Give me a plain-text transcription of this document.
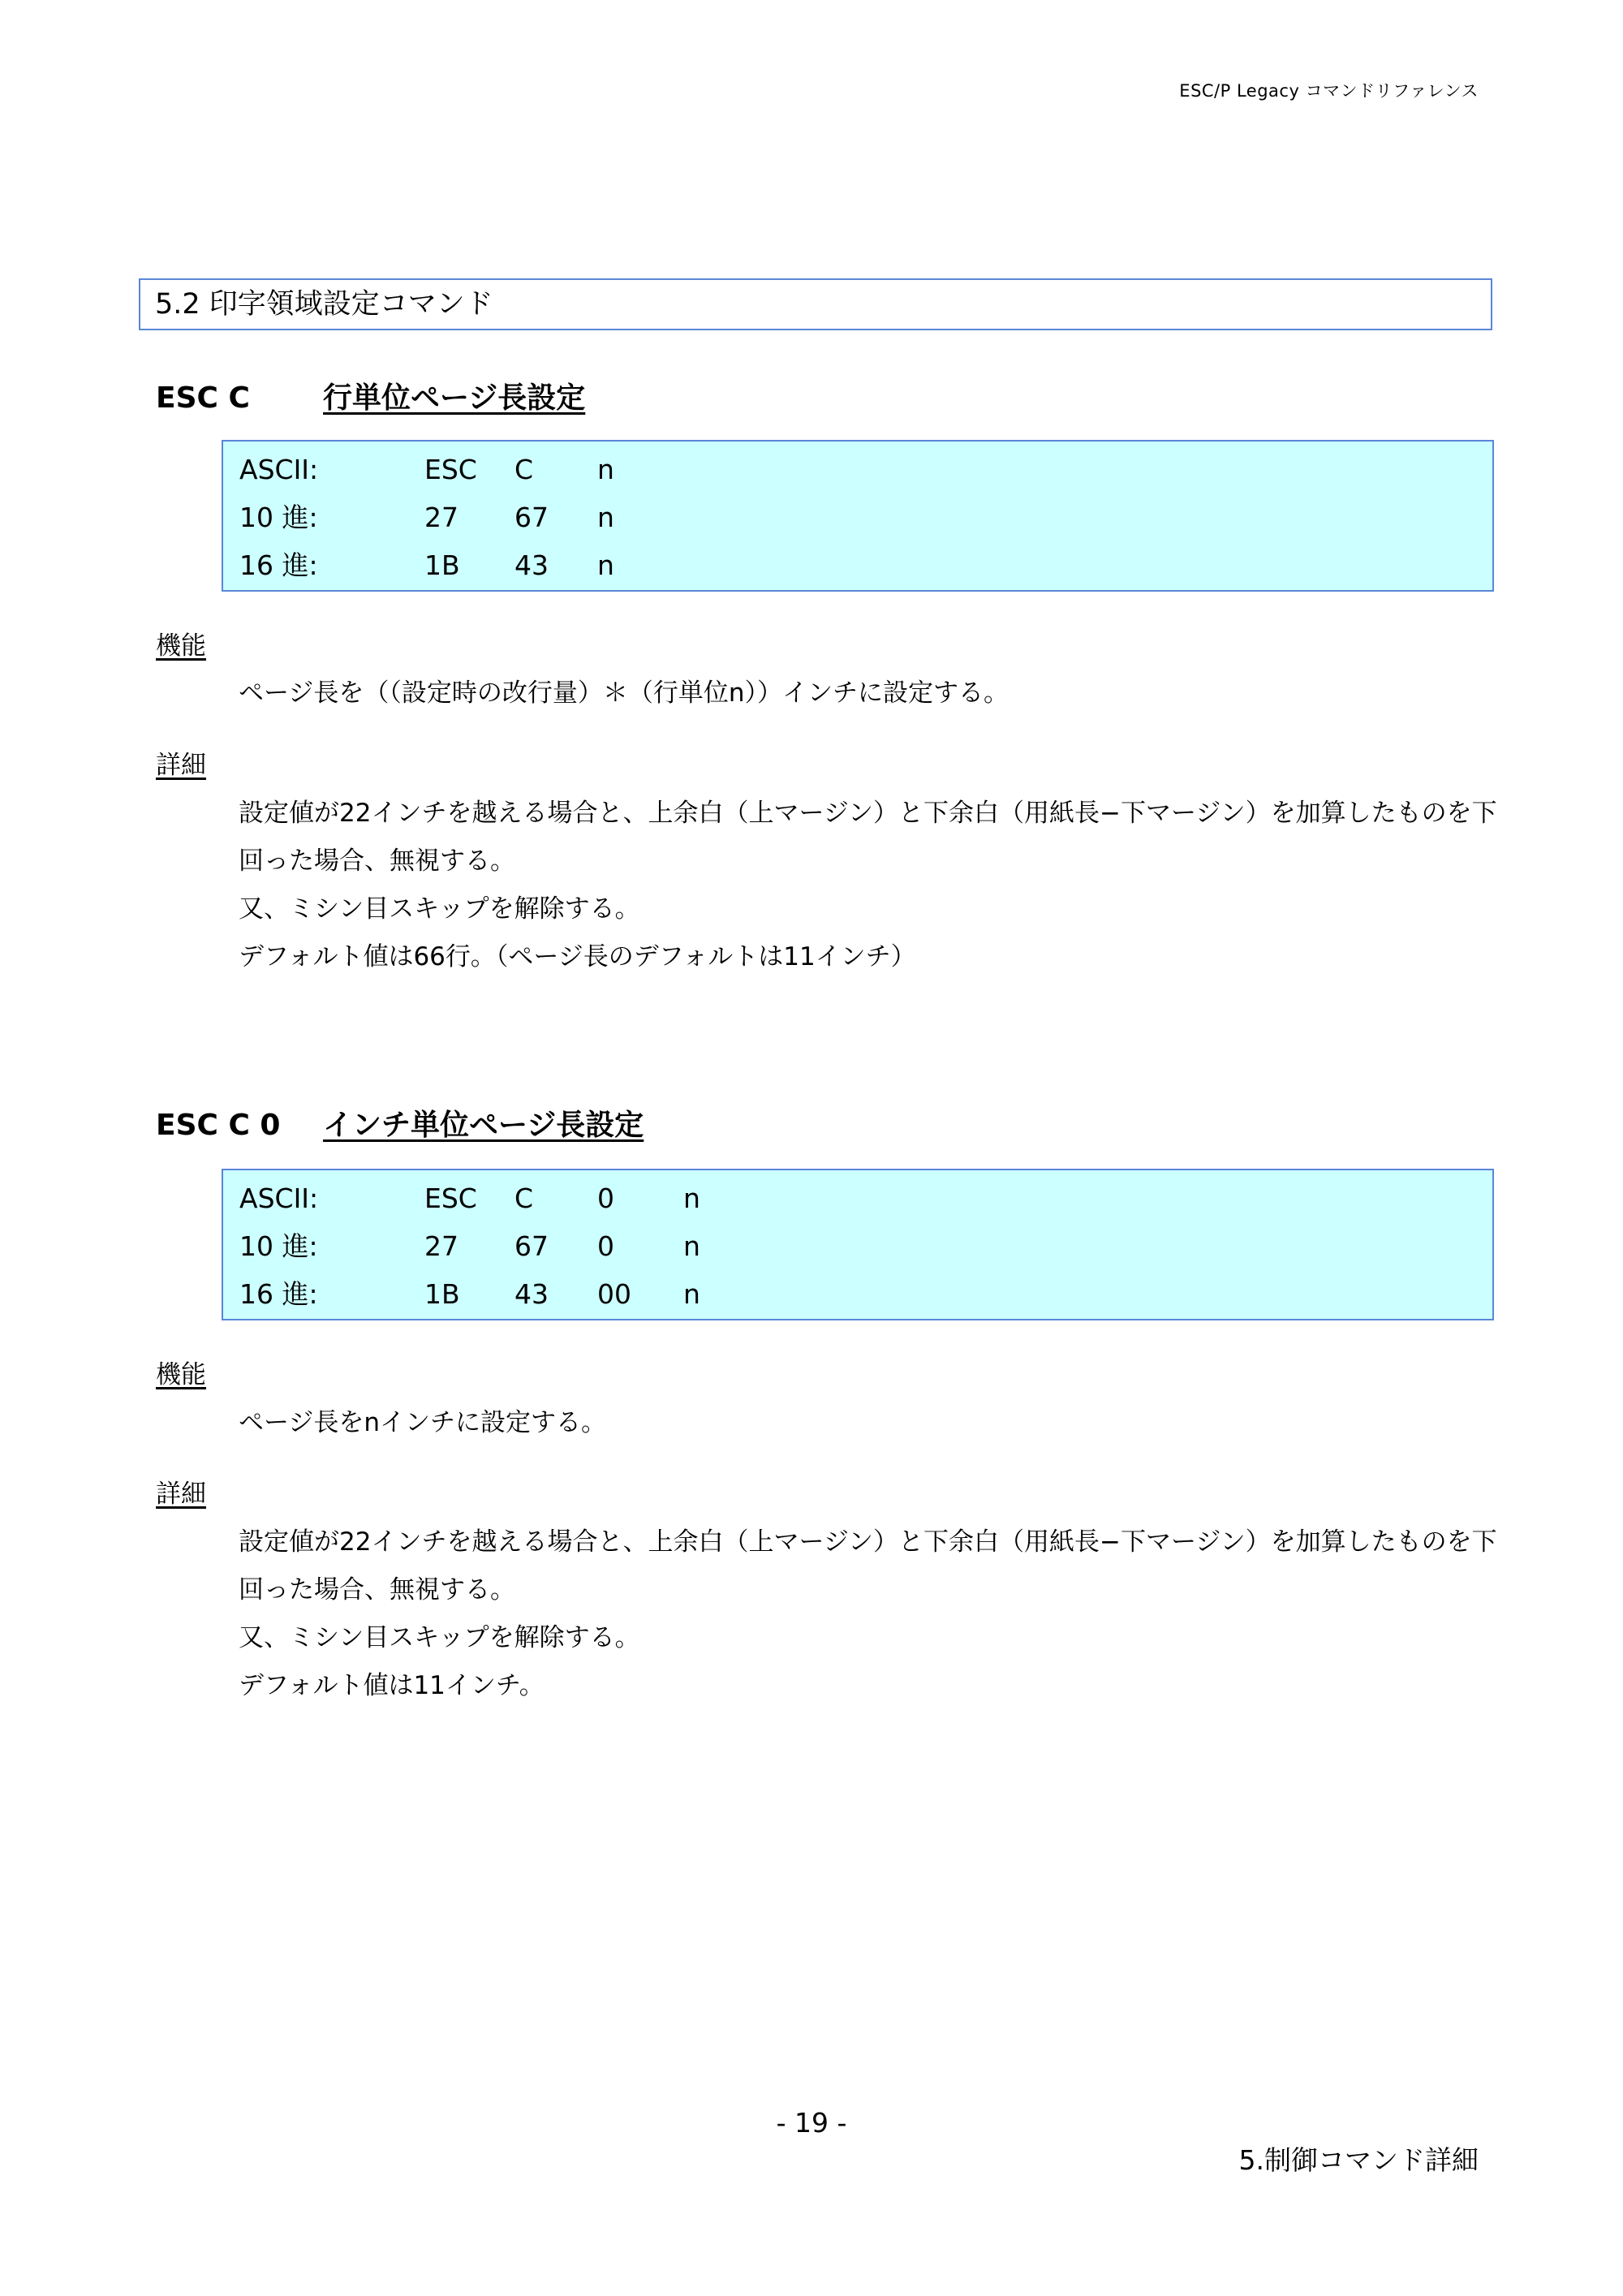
ESC/P Legacy コマンドリファレンス
5.2 印字領域設定コマンド
ESC C	行単位ページ長設定
ASCII:	ESC C n
10 進:	27 67 n
16 進:	1B 43 n
機能
ページ長を（（設定時の改行量）＊（行単位n））インチに設定する。
詳細
設定値が22インチを越える場合と、上余白（上マージン）と下余白（用紙長−下マージン）を加算したものを下
回った場合、無視する。
又、ミシン目スキップを解除する。
デフォルト値は66行。（ページ長のデフォルトは11インチ）
ESC C 0 インチ単位ページ長設定
ASCII:	ESC C 0	n
10 進:	27 67 0	n
16 進:	1B 43 00 n
機能
ページ長をnインチに設定する。
詳細
設定値が22インチを越える場合と、上余白（上マージン）と下余白（用紙長−下マージン）を加算したものを下
回った場合、無視する。
又、ミシン目スキップを解除する。
デフォルト値は11インチ。
- 19 -
5.制御コマンド詳細
